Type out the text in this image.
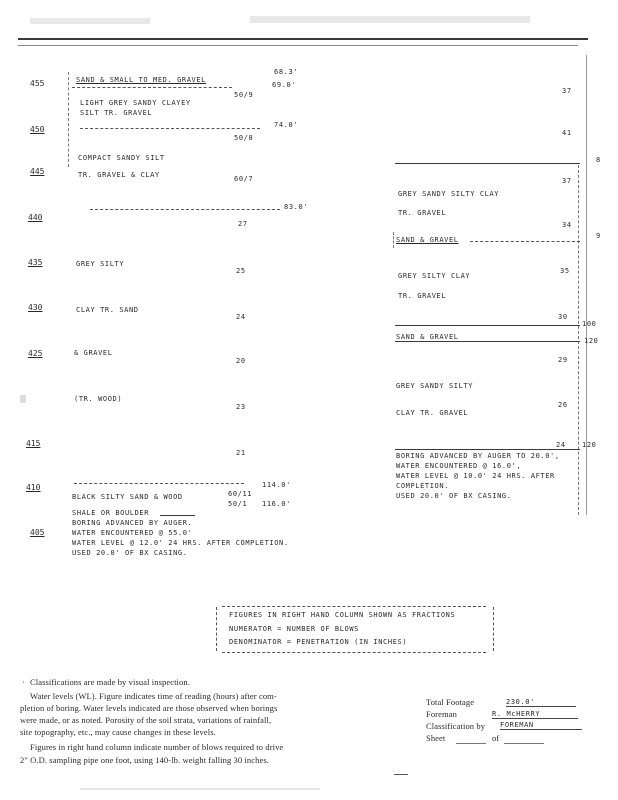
455
450
445
440
435
430
425
415
410
405
SAND & SMALL TO MED. GRAVEL
LIGHT GREY SANDY CLAYEY
SILT TR. GRAVEL
COMPACT SANDY SILT
TR. GRAVEL & CLAY
GREY SILTY
CLAY TR. SAND
& GRAVEL
(TR. WOOD)
BLACK SILTY SAND & WOOD
SHALE OR BOULDER
50/9
50/8
60/7
27
25
24
20
23
21
60/11
50/1
68.3'
69.0'
74.0'
83.0'
114.0'
116.0'
BORING ADVANCED BY AUGER.
WATER ENCOUNTERED @ 55.0'
WATER LEVEL @ 12.0' 24 HRS. AFTER COMPLETION.
USED 20.0' OF BX CASING.
37
41
8
37
GREY SANDY SILTY CLAY
TR. GRAVEL
34
SAND & GRAVEL	9
35
GREY SILTY CLAY
TR. GRAVEL
30
100
SAND & GRAVEL	120
29
GREY SANDY SILTY
26
CLAY TR. GRAVEL
24 120
BORING ADVANCED BY AUGER TO 20.0',
WATER ENCOUNTERED @ 16.0',
WATER LEVEL @ 10.0' 24 HRS. AFTER
COMPLETION.
USED 20.0' OF BX CASING.
FIGURES IN RIGHT HAND COLUMN SHOWN AS FRACTIONS
NUMERATOR = NUMBER OF BLOWS
DENOMINATOR = PENETRATION (IN INCHES)
· Classifications are made by visual inspection.
Water levels (WL). Figure indicates time of reading (hours) after com-
pletion of boring. Water levels indicated are those observed when borings
were made, or as noted. Porosity of the soil strata, variations of rainfall,
site topography, etc., may cause changes in these levels.
Figures in right hand column indicate number of blows required to drive
2" O.D. sampling pipe one foot, using 140-lb. weight falling 30 inches.
Total Footage	230.0'
Foreman	R. McHERRY
Classification by FOREMAN
Sheet	of
